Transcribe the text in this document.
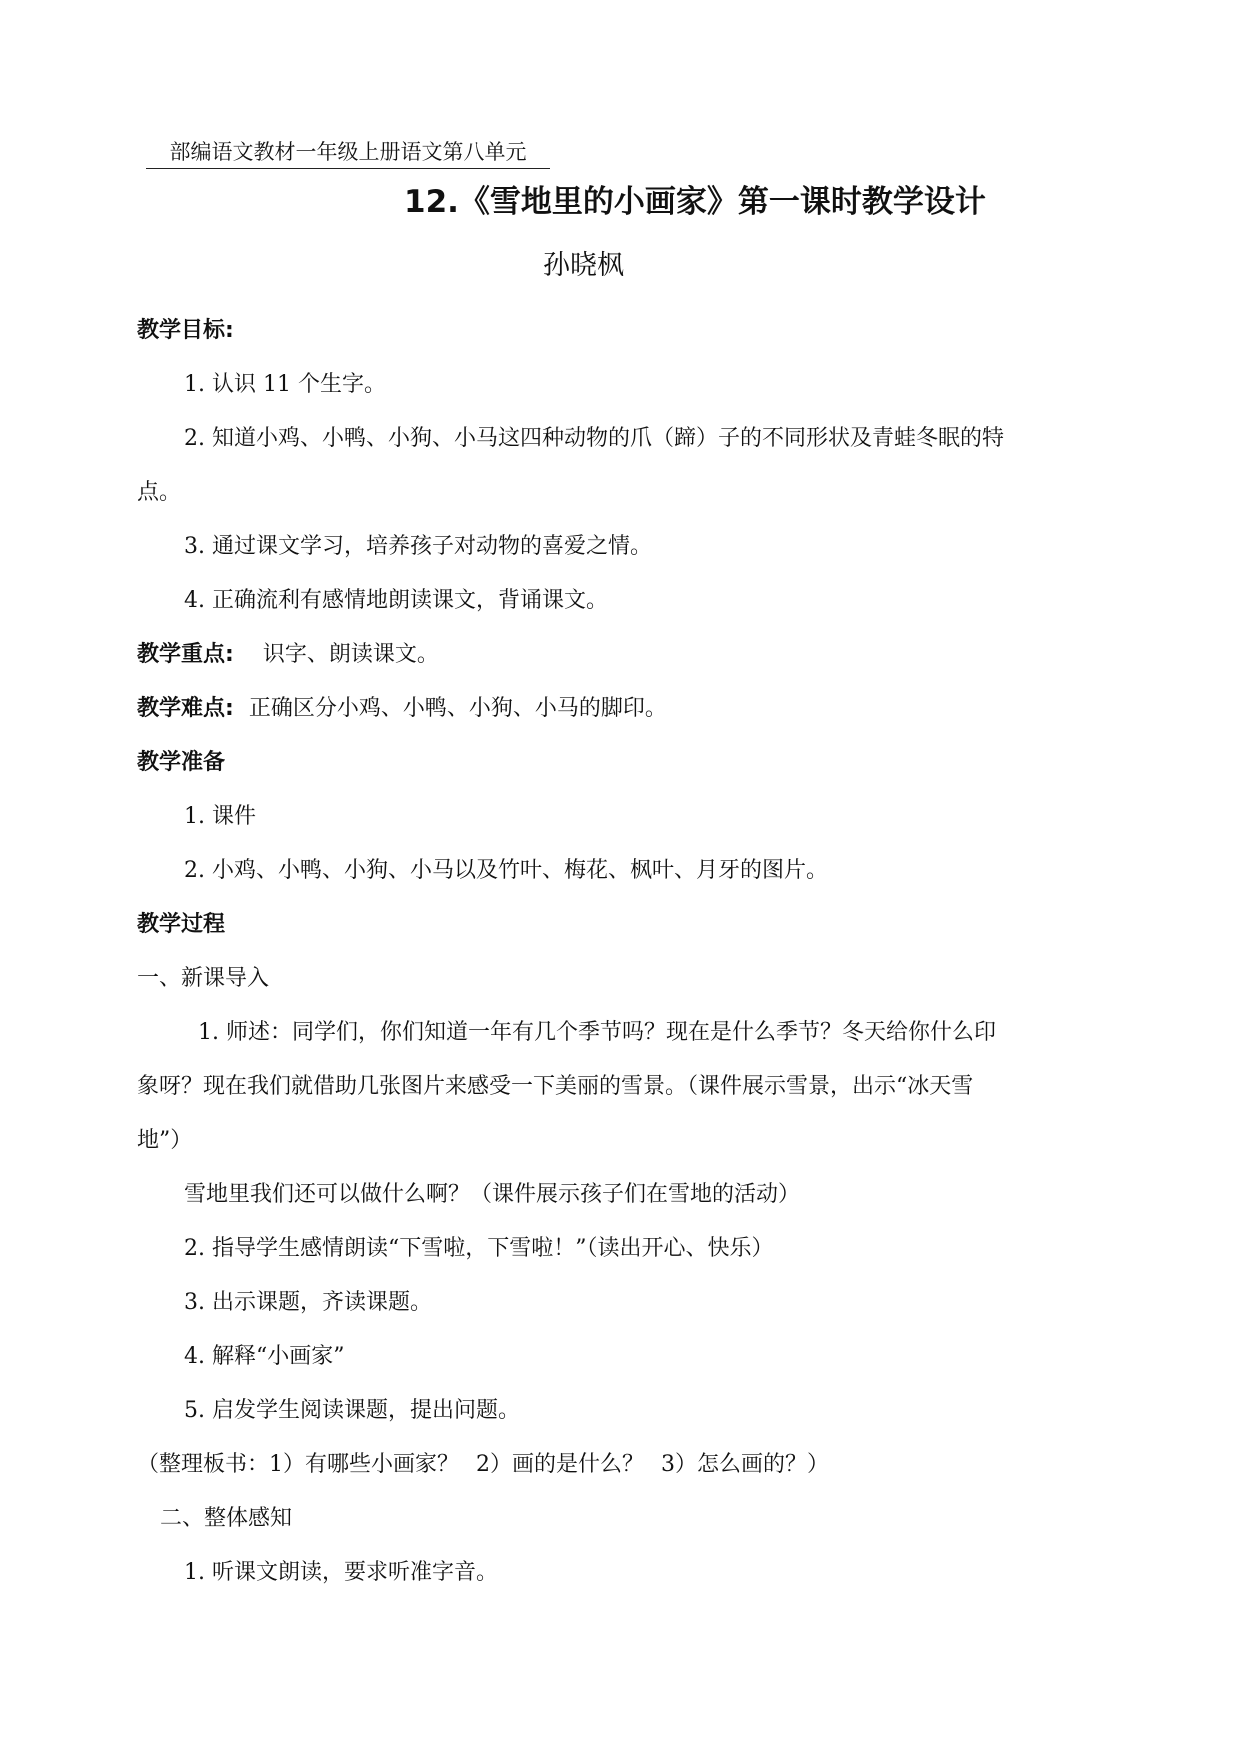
部编语文教材一年级上册语文第八单元
12.《雪地里的小画家》第一课时教学设计
孙晓枫
教学目标:
1. 认识 11 个生字。
2. 知道小鸡、小鸭、小狗、小马这四种动物的爪（蹄）子的不同形状及青蛙冬眠的特
点。
3. 通过课文学习，培养孩子对动物的喜爱之情。
4. 正确流利有感情地朗读课文，背诵课文。
教学重点: 识字、朗读课文。
教学难点: 正确区分小鸡、小鸭、小狗、小马的脚印。
教学准备
1. 课件
2. 小鸡、小鸭、小狗、小马以及竹叶、梅花、枫叶、月牙的图片。
教学过程
一、新课导入
1. 师述：同学们，你们知道一年有几个季节吗？现在是什么季节？冬天给你什么印
象呀？现在我们就借助几张图片来感受一下美丽的雪景。（课件展示雪景，出示“冰天雪
地”）
雪地里我们还可以做什么啊？（课件展示孩子们在雪地的活动）
2. 指导学生感情朗读“下雪啦，下雪啦！”（读出开心、快乐）
3. 出示课题，齐读课题。
4. 解释“小画家”
5. 启发学生阅读课题，提出问题。
（整理板书：1）有哪些小画家？ 2）画的是什么？ 3）怎么画的？）
二、整体感知
1. 听课文朗读，要求听准字音。
